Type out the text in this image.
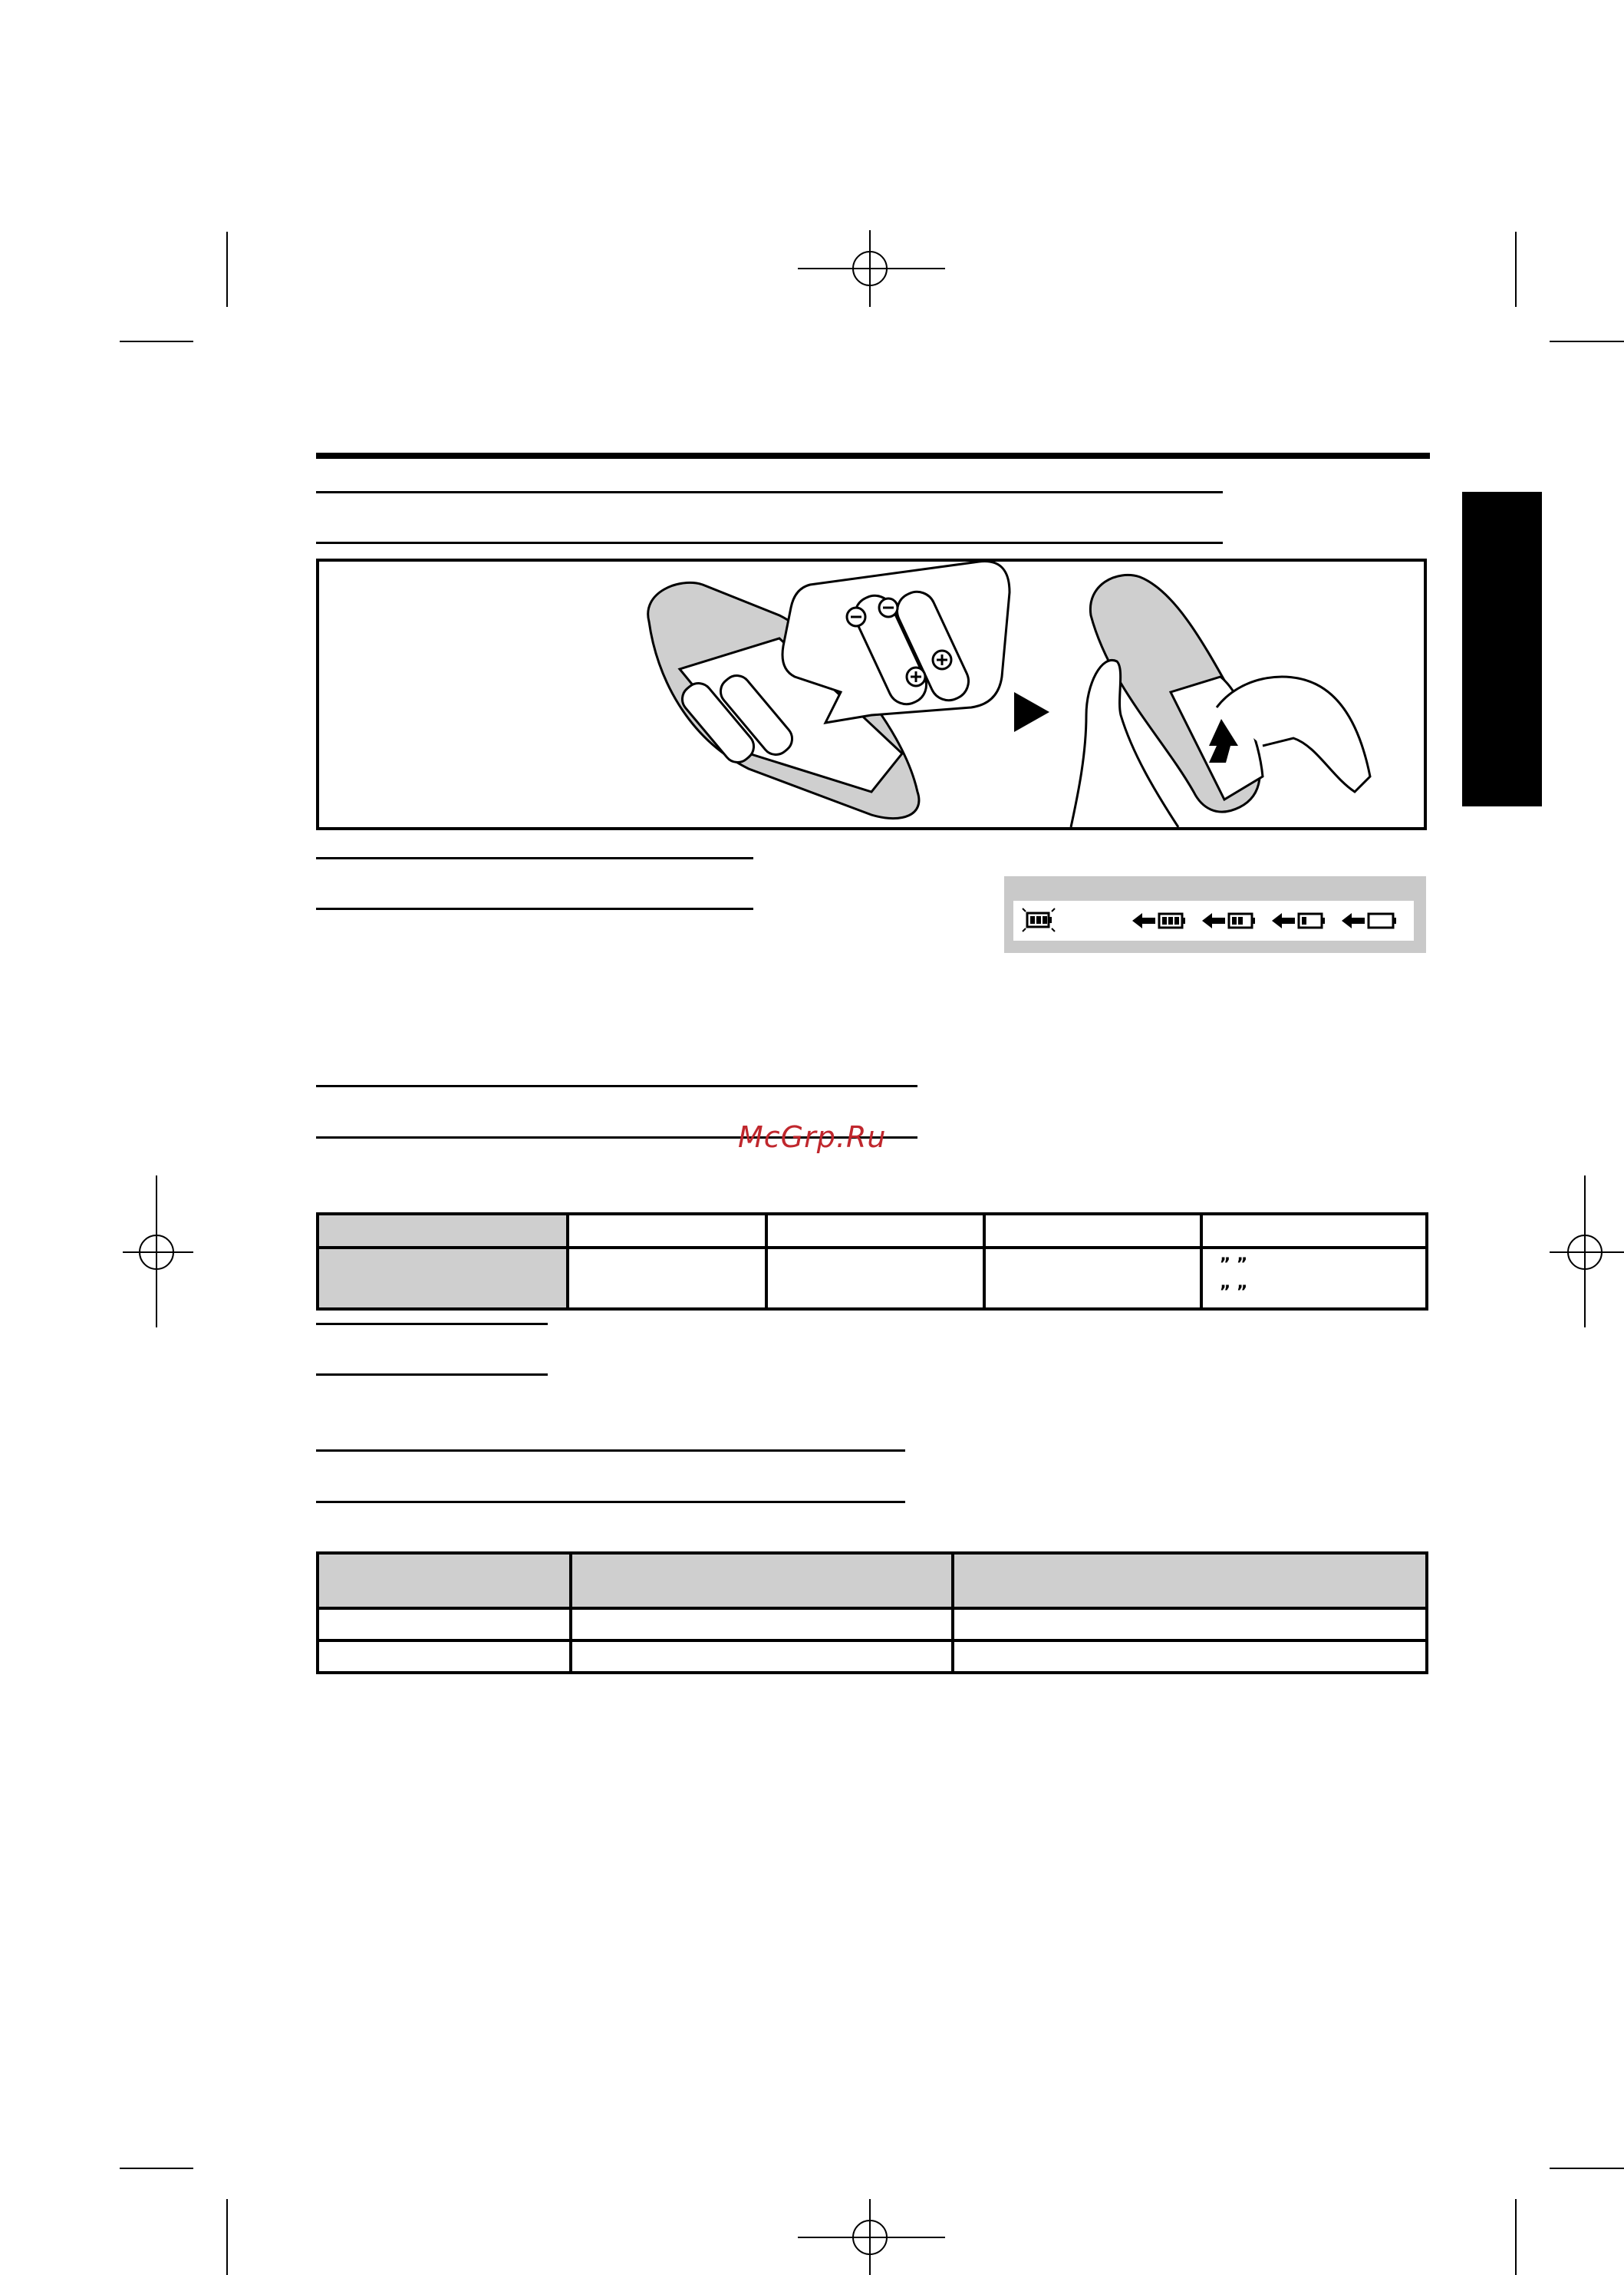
McGrp.Ru

				” ”
” ”
